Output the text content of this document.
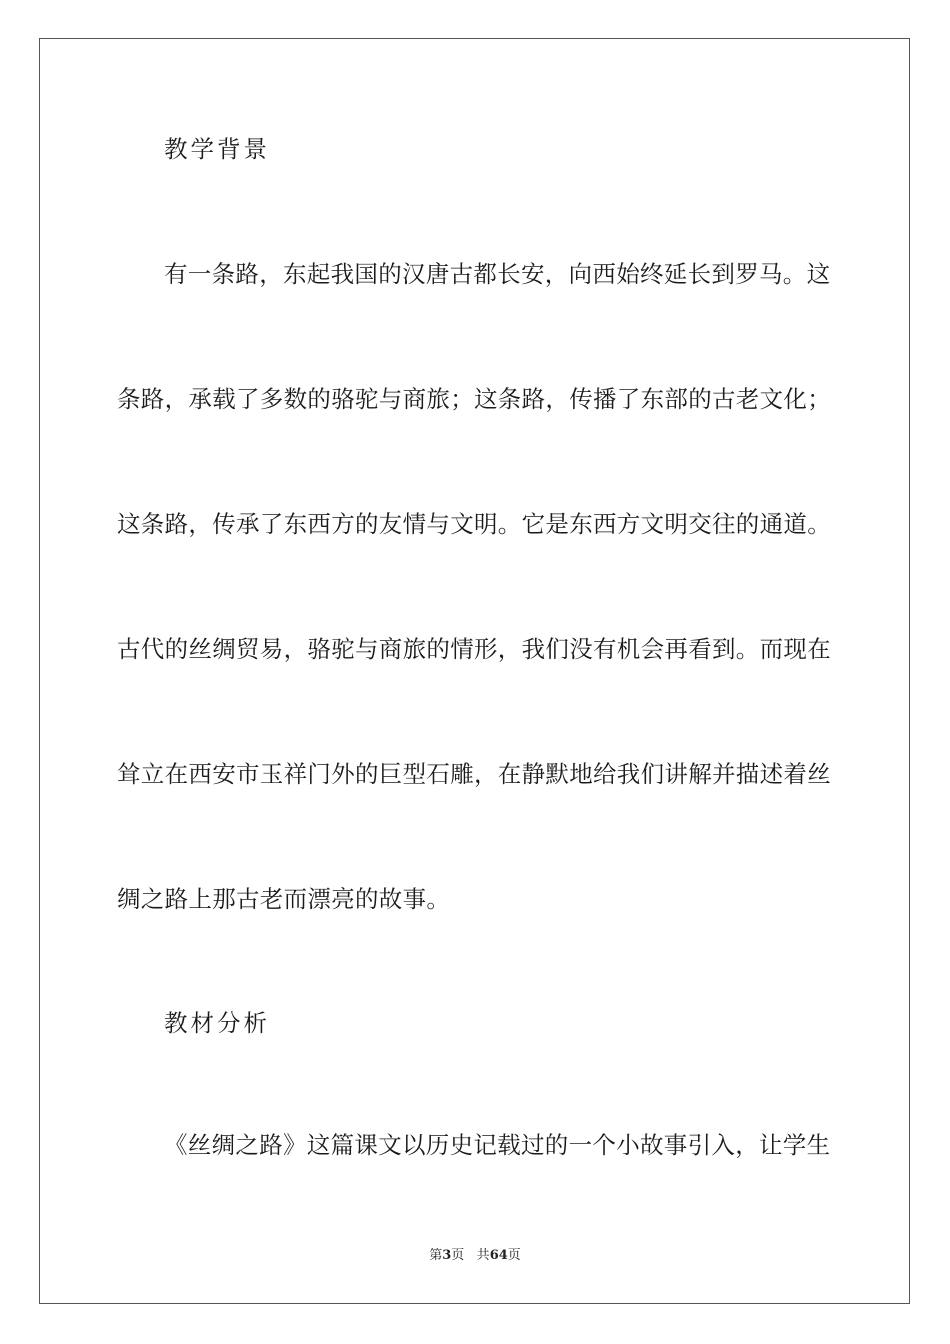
教学背景
有一条路，东起我国的汉唐古都长安，向西始终延长到罗马。这
条路，承载了多数的骆驼与商旅；这条路，传播了东部的古老文化；
这条路，传承了东西方的友情与文明。它是东西方文明交往的通道。
古代的丝绸贸易，骆驼与商旅的情形，我们没有机会再看到。而现在
耸立在西安市玉祥门外的巨型石雕，在静默地给我们讲解并描述着丝
绸之路上那古老而漂亮的故事。
教材分析
《丝绸之路》这篇课文以历史记载过的一个小故事引入，让学生
第3页 共64页
